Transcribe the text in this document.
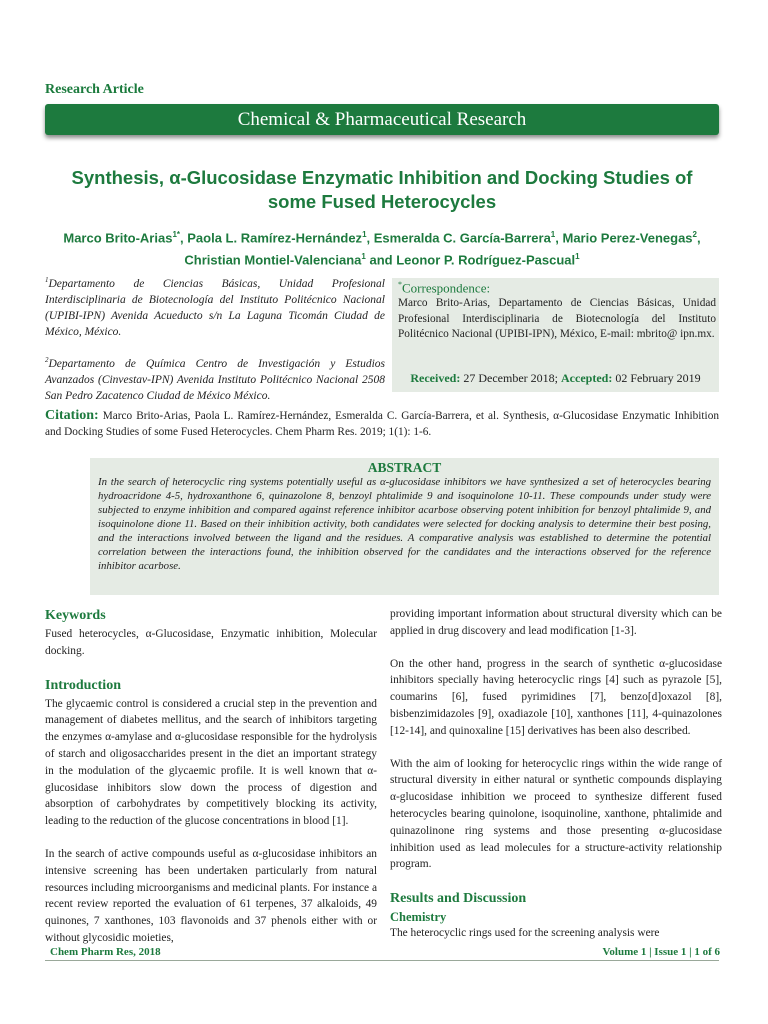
Research Article
Chemical & Pharmaceutical Research
Synthesis, α-Glucosidase Enzymatic Inhibition and Docking Studies of some Fused Heterocycles
Marco Brito-Arias$^{1*}$, Paola L. Ramírez-Hernández$^1$, Esmeralda C. García-Barrera$^1$, Mario Perez-Venegas$^2$, Christian Montiel-Valenciana$^1$ and Leonor P. Rodríguez-Pascual$^1$
$^1$Departamento de Ciencias Básicas, Unidad Profesional Interdisciplinaria de Biotecnología del Instituto Politécnico Nacional (UPIBI-IPN) Avenida Acueducto s/n La Laguna Ticomán Ciudad de México, México.
$^2$Departamento de Química Centro de Investigación y Estudios Avanzados (Cinvestav-IPN) Avenida Instituto Politécnico Nacional 2508 San Pedro Zacatenco Ciudad de México México.
*Correspondence:
Marco Brito-Arias, Departamento de Ciencias Básicas, Unidad Profesional Interdisciplinaria de Biotecnología del Instituto Politécnico Nacional (UPIBI-IPN), México, E-mail: mbrito@ ipn.mx.
Received: 27 December 2018; Accepted: 02 February 2019
Citation: Marco Brito-Arias, Paola L. Ramírez-Hernández, Esmeralda C. García-Barrera, et al. Synthesis, α-Glucosidase Enzymatic Inhibition and Docking Studies of some Fused Heterocycles. Chem Pharm Res. 2019; 1(1): 1-6.
ABSTRACT
In the search of heterocyclic ring systems potentially useful as α-glucosidase inhibitors we have synthesized a set of heterocycles bearing hydroacridone 4-5, hydroxanthone 6, quinazolone 8, benzoyl phtalimide 9 and isoquinolone 10-11. These compounds under study were subjected to enzyme inhibition and compared against reference inhibitor acarbose observing potent inhibition for benzoyl phtalimide 9, and isoquinolone dione 11. Based on their inhibition activity, both candidates were selected for docking analysis to determine their best posing, and the interactions involved between the ligand and the residues. A comparative analysis was established to determine the potential correlation between the interactions found, the inhibition observed for the candidates and the interactions observed for the reference inhibitor acarbose.
Keywords

Fused heterocycles, α-Glucosidase, Enzymatic inhibition, Molecular docking.

Introduction

The glycaemic control is considered a crucial step in the prevention and management of diabetes mellitus, and the search of inhibitors targeting the enzymes α-amylase and α-glucosidase responsible for the hydrolysis of starch and oligosaccharides present in the diet an important strategy in the modulation of the glycaemic profile. It is well known that α-glucosidase inhibitors slow down the process of digestion and absorption of carbohydrates by competitively blocking its activity, leading to the reduction of the glucose concentrations in blood [1].

In the search of active compounds useful as α-glucosidase inhibitors an intensive screening has been undertaken particularly from natural resources including microorganisms and medicinal plants. For instance a recent review reported the evaluation of 61 terpenes, 37 alkaloids, 49 quinones, 7 xanthones, 103 flavonoids and 37 phenols either with or without glycosidic moieties,

providing important information about structural diversity which can be applied in drug discovery and lead modification [1-3].

On the other hand, progress in the search of synthetic α-glucosidase inhibitors specially having heterocyclic rings [4] such as pyrazole [5], coumarins [6], fused pyrimidines [7], benzo[d]oxazol [8], bisbenzimidazoles [9], oxadiazole [10], xanthones [11], 4-quinazolones [12-14], and quinoxaline [15] derivatives has been also described.

With the aim of looking for heterocyclic rings within the wide range of structural diversity in either natural or synthetic compounds displaying α-glucosidase inhibition we proceed to synthesize different fused heterocycles bearing quinolone, isoquinoline, xanthone, phtalimide and quinazolinone ring systems and those presenting α-glucosidase inhibition used as lead molecules for a structure-activity relationship program.

Results and Discussion
Chemistry

The heterocyclic rings used for the screening analysis were

Chem Pharm Res, 2018	Volume 1 | Issue 1 | 1 of 6
